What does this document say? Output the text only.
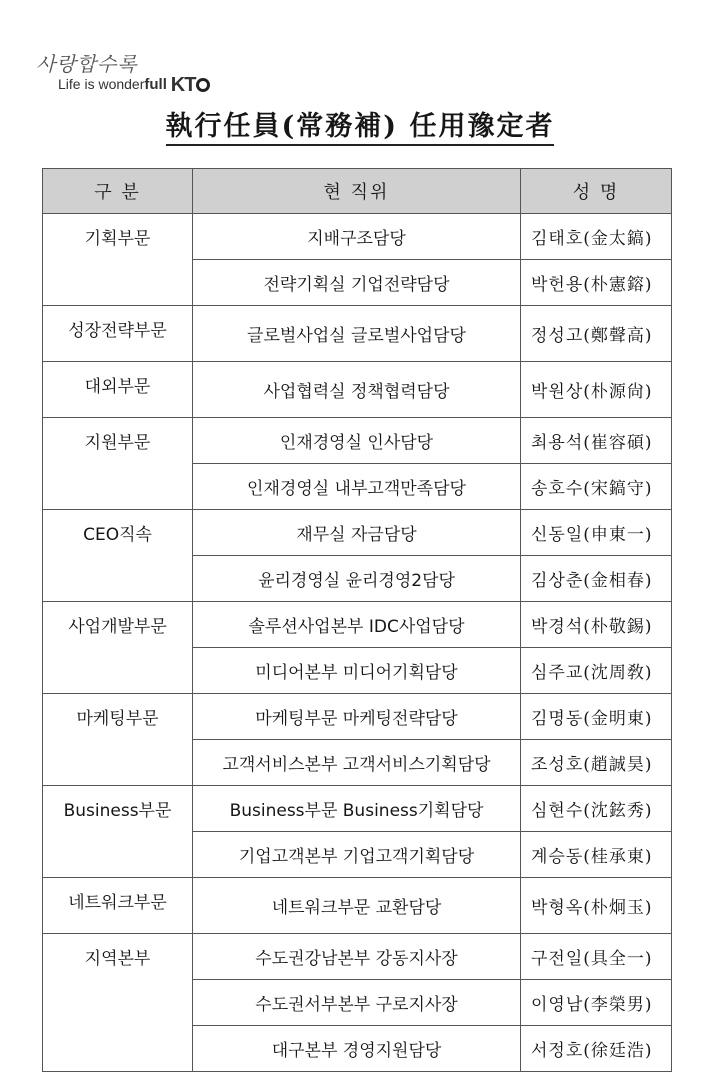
사랑합수록
Life is wonderfull KT
執行任員(常務補) 任用豫定者
구 분	현 직위	성 명
기획부문	지배구조담당	김태호(金太鎬)
	전략기획실 기업전략담당	박헌용(朴憲鎔)
성장전략부문	글로벌사업실 글로벌사업담당	정성고(鄭聲高)
대외부문	사업협력실 정책협력담당	박원상(朴源尙)
지원부문	인재경영실 인사담당	최용석(崔容碩)
	인재경영실 내부고객만족담당	송호수(宋鎬守)
CEO직속	재무실 자금담당	신동일(申東一)
	윤리경영실 윤리경영2담당	김상춘(金相春)
사업개발부문	솔루션사업본부 IDC사업담당	박경석(朴敬錫)
	미디어본부 미디어기획담당	심주교(沈周敎)
마케팅부문	마케팅부문 마케팅전략담당	김명동(金明東)
	고객서비스본부 고객서비스기획담당	조성호(趙誠昊)
Business부문	Business부문 Business기획담당	심현수(沈鉉秀)
	기업고객본부 기업고객기획담당	계승동(桂承東)
네트워크부문	네트워크부문 교환담당	박형옥(朴炯玉)
지역본부	수도권강남본부 강동지사장	구전일(具全一)
	수도권서부본부 구로지사장	이영남(李榮男)
	대구본부 경영지원담당	서정호(徐廷浩)
